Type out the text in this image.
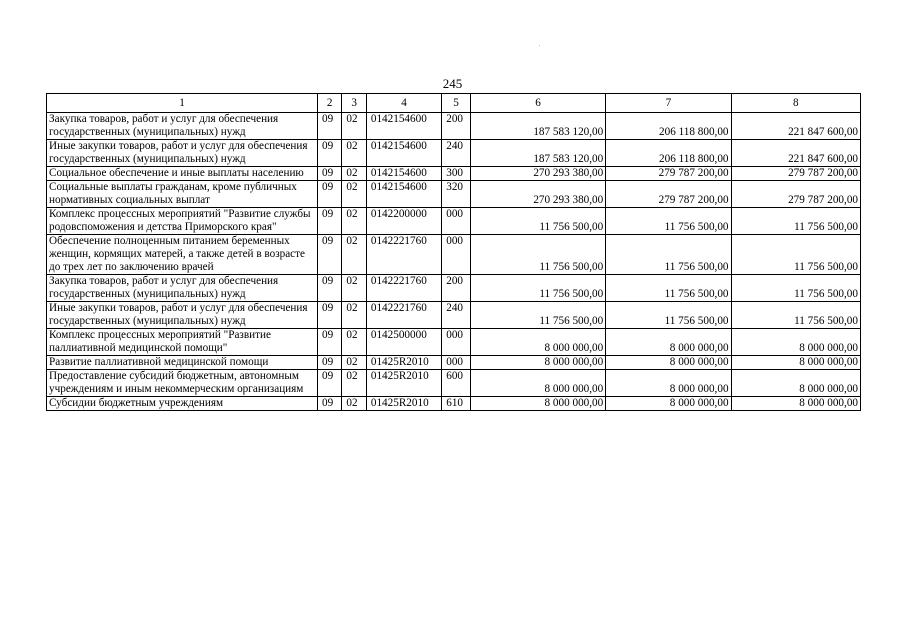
245
1	2	3	4	5	6	7	8
Закупка товаров, работ и услуг для обеспечения государственных (муниципальных) нужд	09	02	0142154600	200	187 583 120,00	206 118 800,00	221 847 600,00
Иные закупки товаров, работ и услуг для обеспечения государственных (муниципальных) нужд	09	02	0142154600	240	187 583 120,00	206 118 800,00	221 847 600,00
Социальное обеспечение и иные выплаты населению	09	02	0142154600	300	270 293 380,00	279 787 200,00	279 787 200,00
Социальные выплаты гражданам, кроме публичных нормативных социальных выплат	09	02	0142154600	320	270 293 380,00	279 787 200,00	279 787 200,00
Комплекс процессных мероприятий "Развитие службы родовспоможения и детства Приморского края"	09	02	0142200000	000	11 756 500,00	11 756 500,00	11 756 500,00
Обеспечение полноценным питанием беременных женщин, кормящих матерей, а также детей в возрасте до трех лет по заключению врачей	09	02	0142221760	000	11 756 500,00	11 756 500,00	11 756 500,00
Закупка товаров, работ и услуг для обеспечения государственных (муниципальных) нужд	09	02	0142221760	200	11 756 500,00	11 756 500,00	11 756 500,00
Иные закупки товаров, работ и услуг для обеспечения государственных (муниципальных) нужд	09	02	0142221760	240	11 756 500,00	11 756 500,00	11 756 500,00
Комплекс процессных мероприятий "Развитие паллиативной медицинской помощи"	09	02	0142500000	000	8 000 000,00	8 000 000,00	8 000 000,00
Развитие паллиативной медицинской помощи	09	02	01425R2010	000	8 000 000,00	8 000 000,00	8 000 000,00
Предоставление субсидий бюджетным, автономным учреждениям и иным некоммерческим организациям	09	02	01425R2010	600	8 000 000,00	8 000 000,00	8 000 000,00
Субсидии бюджетным учреждениям	09	02	01425R2010	610	8 000 000,00	8 000 000,00	8 000 000,00
